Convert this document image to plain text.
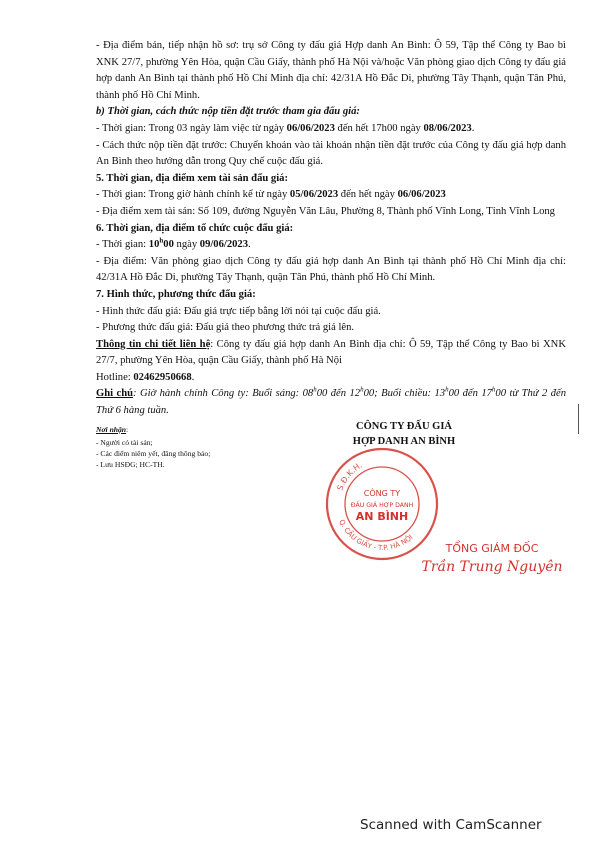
- Địa điểm bán, tiếp nhận hồ sơ: trụ sở Công ty đấu giá Hợp danh An Bình: Ô 59, Tập thể Công ty Bao bì XNK 27/7, phường Yên Hòa, quận Cầu Giấy, thành phố Hà Nội và/hoặc Văn phòng giao dịch Công ty đấu giá hợp danh An Bình tại thành phố Hồ Chí Minh địa chỉ: 42/31A Hồ Đắc Di, phường Tây Thạnh, quận Tân Phú, thành phố Hồ Chí Minh.

b) Thời gian, cách thức nộp tiền đặt trước tham gia đấu giá:

- Thời gian: Trong 03 ngày làm việc từ ngày 06/06/2023 đến hết 17h00 ngày 08/06/2023.

- Cách thức nộp tiền đặt trước: Chuyển khoản vào tài khoản nhận tiền đặt trước của Công ty đấu giá hợp danh An Bình theo hướng dẫn trong Quy chế cuộc đấu giá.

5. Thời gian, địa điểm xem tài sản đấu giá:

- Thời gian: Trong giờ hành chính kể từ ngày 05/06/2023 đến hết ngày 06/06/2023

- Địa điểm xem tài sản: Số 109, đường Nguyễn Văn Lâu, Phường 8, Thành phố Vĩnh Long, Tỉnh Vĩnh Long

6. Thời gian, địa điểm tổ chức cuộc đấu giá:

- Thời gian: 10$^h$00 ngày 09/06/2023.

- Địa điểm: Văn phòng giao dịch Công ty đấu giá hợp danh An Bình tại thành phố Hồ Chí Minh địa chỉ: 42/31A Hồ Đắc Di, phường Tây Thạnh, quận Tân Phú, thành phố Hồ Chí Minh.

7. Hình thức, phương thức đấu giá:

- Hình thức đấu giá: Đấu giá trực tiếp bằng lời nói tại cuộc đấu giá.

- Phương thức đấu giá: Đấu giá theo phương thức trả giá lên.

Thông tin chi tiết liên hệ: Công ty đấu giá hợp danh An Bình địa chỉ: Ô 59, Tập thể Công ty Bao bì XNK 27/7, phường Yên Hòa, quận Cầu Giấy, thành phố Hà Nội

Hotline: 02462950668.

Ghi chú: Giờ hành chính Công ty: Buổi sáng: 08$^h$00 đến 12$^h$00; Buổi chiều: 13$^h$00 đến 17$^h$00 từ Thứ 2 đến Thứ 6 hàng tuần.

Nơi nhận:
- Người có tài sản;
- Các điểm niêm yết, đăng thông báo;
- Lưu HSĐG; HC-TH.
CÔNG TY ĐẤU GIÁ
HỢP DANH AN BÌNH
S.Đ.K.H.
Q. CẦU GIẤY - T.P. HÀ NỘI
CÔNG TY
ĐẤU GIÁ HỢP DANH
AN BÌNH
TỔNG GIÁM ĐỐC
Trần Trung Nguyên
Scanned with CamScanner
